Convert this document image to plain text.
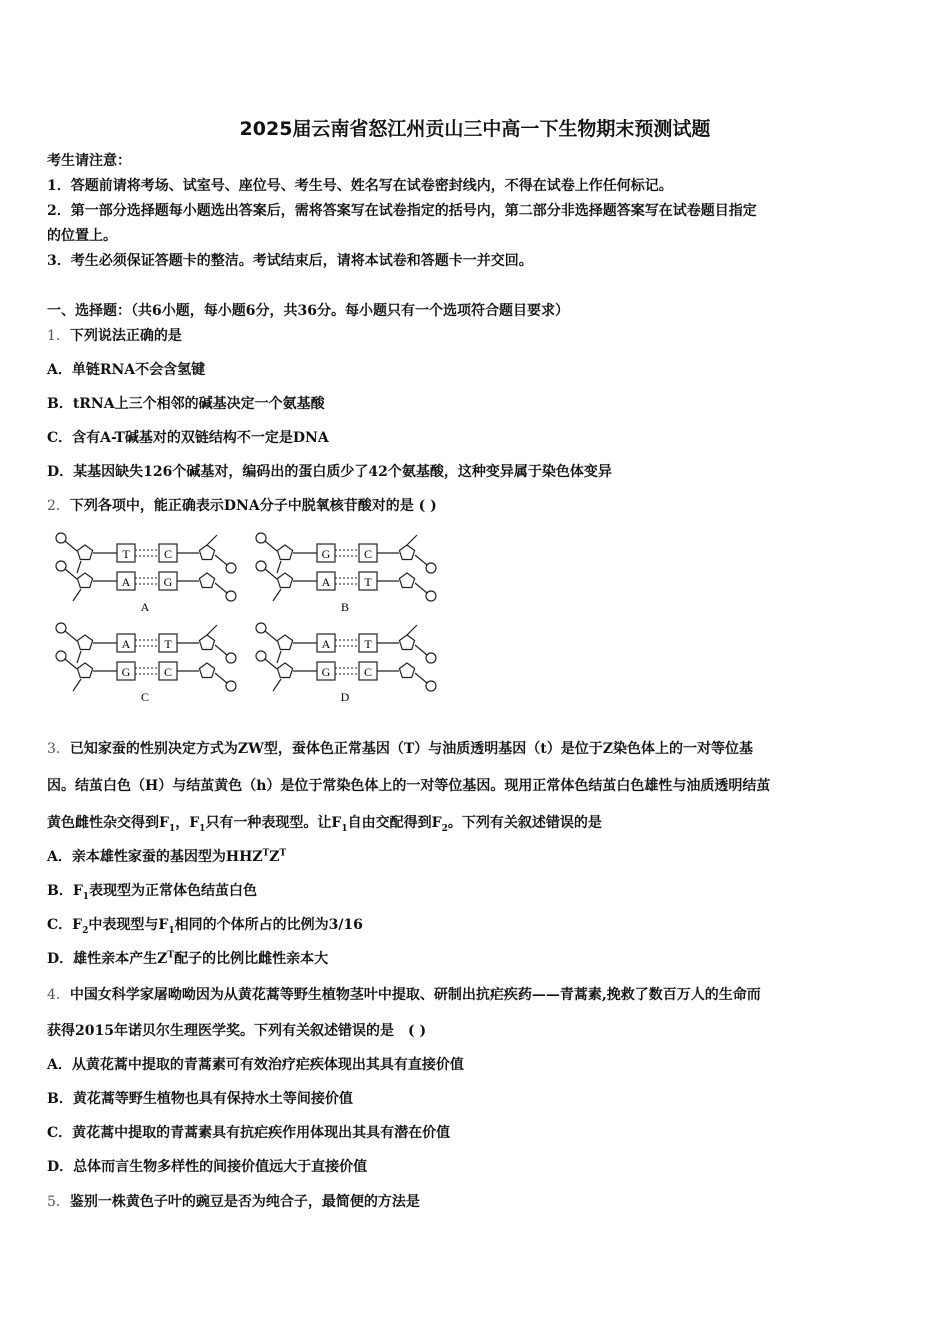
2025届云南省怒江州贡山三中高一下生物期末预测试题
考生请注意：
1．答题前请将考场、试室号、座位号、考生号、姓名写在试卷密封线内，不得在试卷上作任何标记。
2．第一部分选择题每小题选出答案后，需将答案写在试卷指定的括号内，第二部分非选择题答案写在试卷题目指定
的位置上。
3．考生必须保证答题卡的整洁。考试结束后，请将本试卷和答题卡一并交回。
一、选择题：（共6小题，每小题6分，共36分。每小题只有一个选项符合题目要求）
1．下列说法正确的是
A．单链RNA不会含氢键
B．tRNA上三个相邻的碱基决定一个氨基酸
C．含有A-T碱基对的双链结构不一定是DNA
D．某基因缺失126个碱基对，编码出的蛋白质少了42个氨基酸，这种变异属于染色体变异
2．下列各项中，能正确表示DNA分子中脱氧核苷酸对的是 ( )
T	C
A	G
A
G	C
A	T
B
A	T
G	C
C
A	T
G	C
D
3．已知家蚕的性别决定方式为ZW型，蚕体色正常基因（T）与油质透明基因（t）是位于Z染色体上的一对等位基
因。结茧白色（H）与结茧黄色（h）是位于常染色体上的一对等位基因。现用正常体色结茧白色雄性与油质透明结茧
黄色雌性杂交得到$F_1$，$F_1$只有一种表现型。让$F_1$自由交配得到$F_2$。下列有关叙述错误的是
A．亲本雄性家蚕的基因型为$HHZ^TZ^T$
B．$F_1$表现型为正常体色结茧白色
C．$F_2$中表现型与$F_1$相同的个体所占的比例为3/16
D．雄性亲本产生$Z^T$配子的比例比雌性亲本大
4．中国女科学家屠呦呦因为从黄花蒿等野生植物茎叶中提取、研制出抗疟疾药——青蒿素,挽救了数百万人的生命而
获得2015年诺贝尔生理医学奖。下列有关叙述错误的是　( )
A．从黄花蒿中提取的青蒿素可有效治疗疟疾体现出其具有直接价值
B．黄花蒿等野生植物也具有保持水土等间接价值
C．黄花蒿中提取的青蒿素具有抗疟疾作用体现出其具有潜在价值
D．总体而言生物多样性的间接价值远大于直接价值
5．鉴别一株黄色子叶的豌豆是否为纯合子，最简便的方法是
